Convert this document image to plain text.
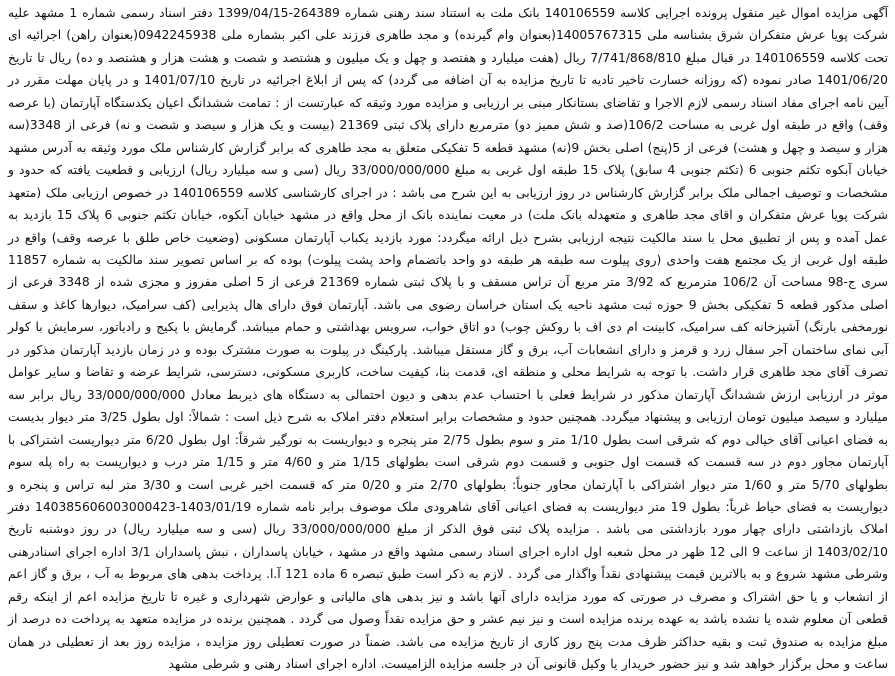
آگهی مزایده اموال غیر منقول پرونده اجرایی کلاسه 140106559 بانک ملت به استناد سند رهنی شماره 264389-1399/04/15 دفتر اسناد رسمی شماره 1 مشهد علیه شرکت پویا عرش متفکران شرق بشناسه ملی 14005767315(بعنوان وام گیرنده) و مجد طاهری فرزند علی اکبر بشماره ملی 0942245938(بعنوان راهن) اجرائیه ای تحت کلاسه 140106559 در قبال مبلغ 7/741/868/810 ریال (هفت میلیارد و هفتصد و چهل و یک میلیون و هشتصد و شصت و هشت هزار و هشتصد و ده) ریال تا تاریخ 1401/06/20 صادر نموده (که روزانه خسارت تاخیر تادیه تا تاریخ مزایده به آن اضافه می گردد) که پس از ابلاغ اجرائیه در تاریخ 1401/07/10 و در پایان مهلت مقرر در آیین نامه اجرای مفاد اسناد رسمی لازم الاجرا و تقاضای بستانکار مبنی بر ارزیابی و مزایده مورد وثیقه که عبارتست از : تمامت ششدانگ اعیان یکدستگاه آپارتمان (با عرصه وقف) واقع در طبقه اول غربی به مساحت 106/2(صد و شش ممیز دو) مترمربع دارای پلاک ثبتی 21369 (بیست و یک هزار و سیصد و شصت و نه) فرعی از 3348(سه هزار و سیصد و چهل و هشت) فرعی از 5(پنج) اصلی بخش 9(نه) مشهد قطعه 5 تفکیکی متعلق به مجد طاهری که برابر گزارش کارشناس ملک مورد وثیقه به آدرس مشهد خیابان آبکوه تکثم جنوبی 6 (تکثم جنوبی 4 سابق) پلاک 15 طبقه اول غربی به مبلغ 33/000/000/000 ریال (سی و سه میلیارد ریال) ارزیابی و قطعیت یافته که حدود و مشخصات و توصیف اجمالی ملک برابر گزارش کارشناس در روز ارزیابی به این شرح می باشد : در اجرای کارشناسی کلاسه 140106559 در خصوص ارزیابی ملک (متعهد شرکت پویا عرش متفکران و اقای مجد طاهری و متعهدله بانک ملت) در معیت نماینده بانک از محل واقع در مشهد خیابان آبکوه، خیابان تکثم جنوبی 6 پلاک 15 بازدید به عمل آمده و پس از تطبیق محل با سند مالکیت نتیجه ارزیابی بشرح ذیل ارائه میگردد: مورد بازدید یکباب آپارتمان مسکونی (وضعیت خاص طلق با عرصه وقف) واقع در طبقه اول غربی از یک مجتمع هفت واحدی (روی پیلوت سه طبقه هر طبقه دو واحد باتضمام واحد پشت پیلوت) بوده که بر اساس تصویر سند مالکیت به شماره 11857 سری ج-98 مساحت آن 106/2 مترمربع که 3/92 متر مربع آن تراس مسقف و با پلاک ثبتی شماره 21369 فرعی از 5 اصلی مفروز و مجزی شده از 3348 فرعی از اصلی مذکور قطعه 5 تفکیکی بخش 9 حوزه ثبت مشهد ناحیه یک استان خراسان رضوی می باشد. آپارتمان فوق دارای هال پذیرایی (کف سرامیک، دیوارها کاغذ و سقف نورمخفی بارنگ) آشپزخانه کف سرامیک، کابینت ام دی اف با روکش چوب) دو اتاق خواب، سرویس بهداشتی و حمام میباشد. گرمایش با پکیج و رادیاتور، سرمایش با کولر آبی نمای ساختمان آجر سفال زرد و قرمز و دارای انشعابات آب، برق و گاز مستقل میباشد. پارکینگ در پیلوت به صورت مشترک بوده و در زمان بازدید آپارتمان مذکور در تصرف آقای مجد طاهری قرار داشت. با توجه به شرایط محلی و منطقه ای، قدمت بنا، کیفیت ساخت، کاربری مسکونی، دسترسی، شرایط عرضه و تقاضا و سایر عوامل موثر در ارزیابی ارزش ششدانگ آپارتمان مذکور در شرایط فعلی با احتساب عدم بدهی و دیون احتمالی به دستگاه های ذیربط معادل 33/000/000/000 ریال برابر سه میلیارد و سیصد میلیون تومان ارزیابی و پیشنهاد میگردد. همچنین حدود و مشخصات برابر استعلام دفتر املاک به شرح ذیل است : شمالاً: اول بطول 3/25 متر دیوار بدیست به فضای اعیانی آقای خیالی دوم که شرقی است بطول 1/10 متر و سوم بطول 2/75 متر پنجره و دیواریست به نورگیر شرقاً: اول بطول 6/20 متر دیواریست اشتراکی با آپارتمان مجاور دوم در سه قسمت که قسمت اول جنوبی و قسمت دوم شرقی است بطولهای 1/15 متر و 4/60 متر و 1/15 متر درب و دیواریست به راه پله سوم بطولهای 5/70 متر و 1/60 متر دیوار اشتراکی با آپارتمان مجاور جنوباً: بطولهای 2/70 متر و 0/20 متر که قسمت اخیر غربی است و 3/30 متر لبه تراس و پنجره و دیواریست به فضای حیاط غرباً: بطول 19 متر دیواریست به فضای اعیانی آقای شاهرودی ملک موصوف برابر نامه شماره 1403/01/19-140385606003000423 دفتر املاک بازداشتی دارای چهار مورد بازداشتی می باشد . مزایده پلاک ثبتی فوق الذکر از مبلغ 33/000/000/000 ریال (سی و سه میلیارد ریال) در روز دوشنبه تاریخ 1403/02/10 از ساعت 9 الی 12 ظهر در محل شعبه اول اداره اجرای اسناد رسمی مشهد واقع در مشهد ، خیابان پاسداران ، نبش پاسداران 3/1 اداره اجرای اسنادرهنی وشرطی مشهد شروع و به بالاترین قیمت پیشنهادی نقداً واگذار می گردد . لازم به ذکر است طبق تبصره 6 ماده 121 آ.ا. پرداخت بدهی های مربوط به آب ، برق و گاز اعم از انشعاب و یا حق اشتراک و مصرف در صورتی که مورد مزایده دارای آنها باشد و نیز بدهی های مالیاتی و عوارض شهرداری و غیره تا تاریخ مزایده اعم از اینکه رقم قطعی آن معلوم شده یا نشده باشد به عهده برنده مزایده است و نیز نیم عشر و حق مزایده نقداً وصول می گردد . همچنین برنده در مزایده متعهد به پرداخت ده درصد از مبلغ مزایده به صندوق ثبت و بقیه حداکثر ظرف مدت پنج روز کاری از تاریخ مزایده می باشد. ضمناً در صورت تعطیلی روز مزایده ، مزایده روز بعد از تعطیلی در همان ساعت و محل برگزار خواهد شد و نیز حضور خریدار یا وکیل قانونی آن در جلسه مزایده الزامیست. اداره اجرای اسناد رهنی و شرطی مشهد
